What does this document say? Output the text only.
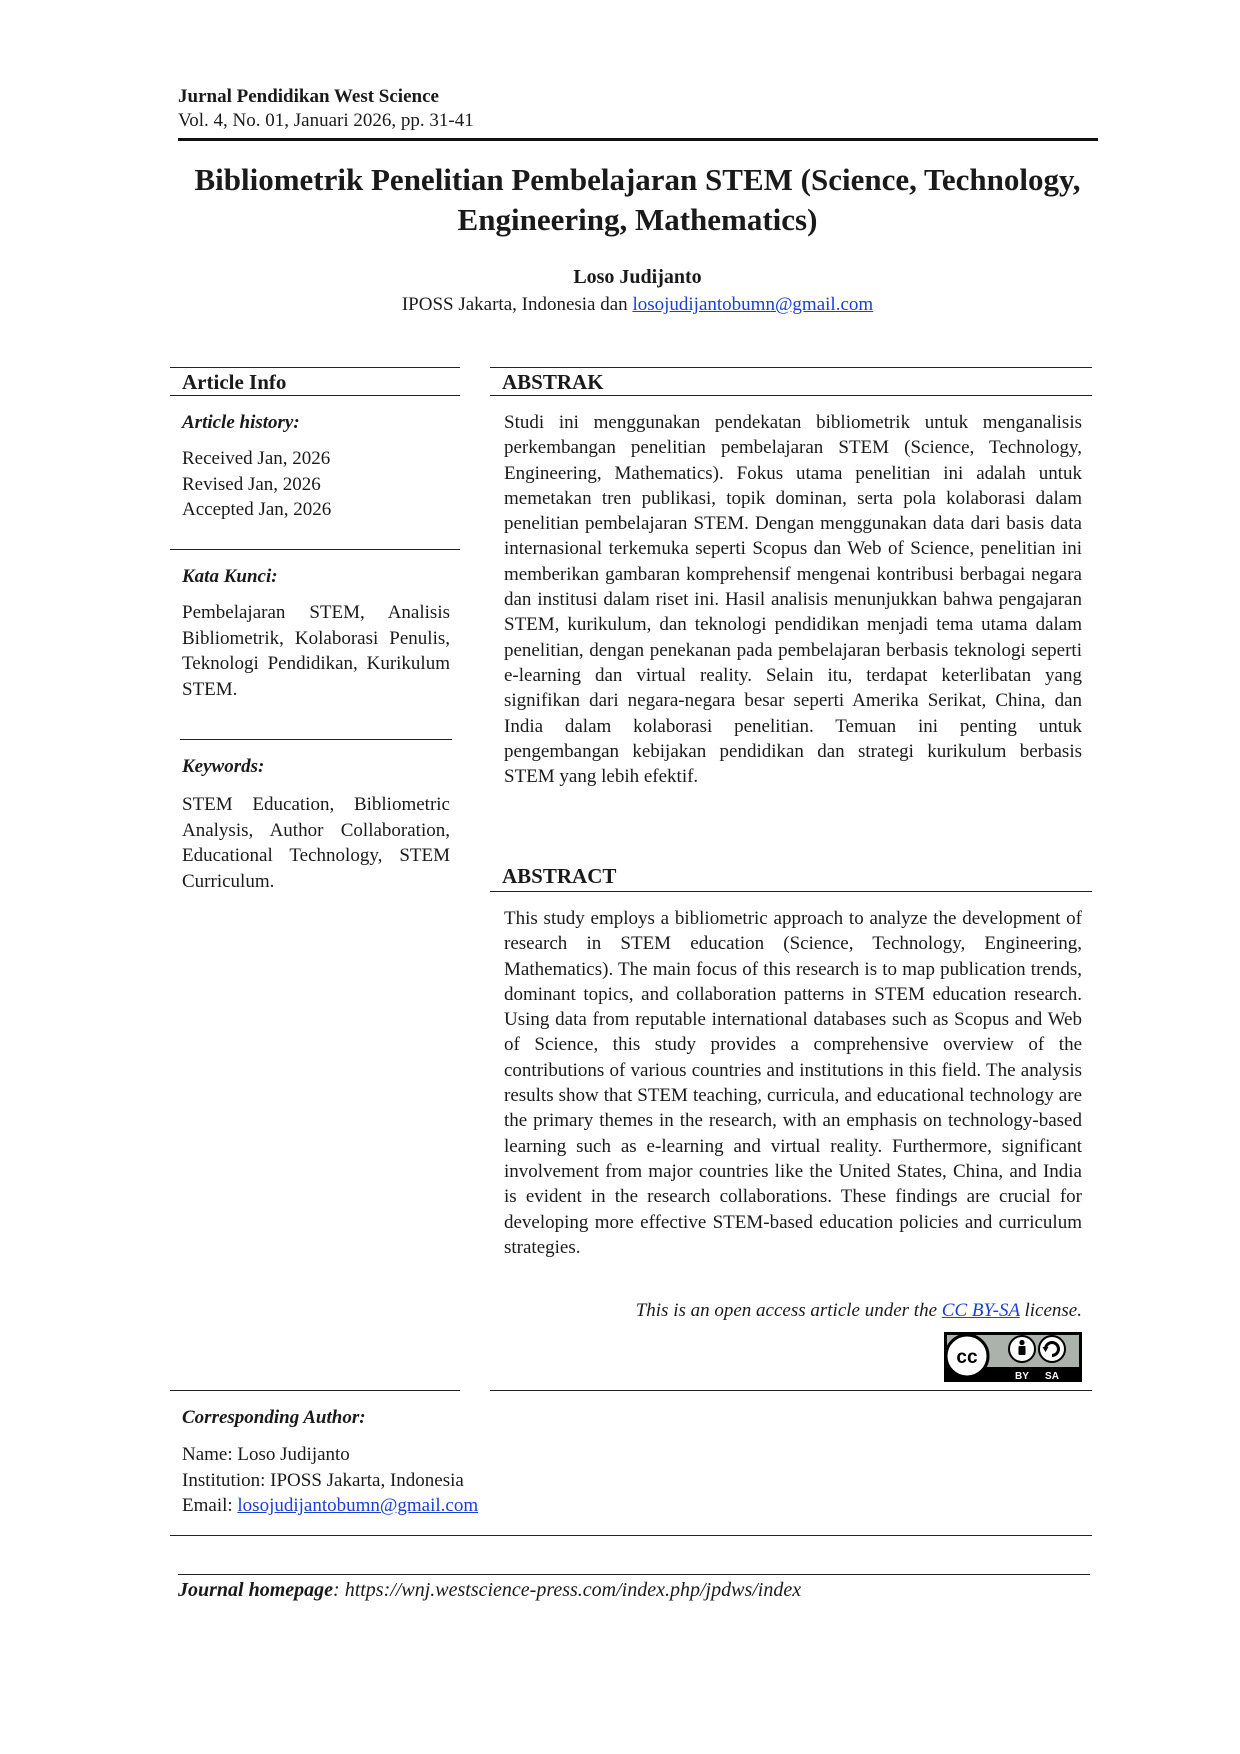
Jurnal Pendidikan West Science
Vol. 4, No. 01, Januari 2026, pp. 31-41
Bibliometrik Penelitian Pembelajaran STEM (Science, Technology,
Engineering, Mathematics)
Loso Judijanto
IPOSS Jakarta, Indonesia dan losojudijantobumn@gmail.com
Article Info
Article history:
Received Jan, 2026
Revised Jan, 2026
Accepted Jan, 2026
Kata Kunci:
Pembelajaran STEM, Analisis Bibliometrik, Kolaborasi Penulis, Teknologi Pendidikan, Kurikulum STEM.
Keywords:
STEM Education, Bibliometric Analysis, Author Collaboration, Educational Technology, STEM Curriculum.
ABSTRAK
Studi ini menggunakan pendekatan bibliometrik untuk menganalisis perkembangan penelitian pembelajaran STEM (Science, Technology, Engineering, Mathematics). Fokus utama penelitian ini adalah untuk memetakan tren publikasi, topik dominan, serta pola kolaborasi dalam penelitian pembelajaran STEM. Dengan menggunakan data dari basis data internasional terkemuka seperti Scopus dan Web of Science, penelitian ini memberikan gambaran komprehensif mengenai kontribusi berbagai negara dan institusi dalam riset ini. Hasil analisis menunjukkan bahwa pengajaran STEM, kurikulum, dan teknologi pendidikan menjadi tema utama dalam penelitian, dengan penekanan pada pembelajaran berbasis teknologi seperti e-learning dan virtual reality. Selain itu, terdapat keterlibatan yang signifikan dari negara-negara besar seperti Amerika Serikat, China, dan India dalam kolaborasi penelitian. Temuan ini penting untuk pengembangan kebijakan pendidikan dan strategi kurikulum berbasis STEM yang lebih efektif.
ABSTRACT
This study employs a bibliometric approach to analyze the development of research in STEM education (Science, Technology, Engineering, Mathematics). The main focus of this research is to map publication trends, dominant topics, and collaboration patterns in STEM education research. Using data from reputable international databases such as Scopus and Web of Science, this study provides a comprehensive overview of the contributions of various countries and institutions in this field. The analysis results show that STEM teaching, curricula, and educational technology are the primary themes in the research, with an emphasis on technology-based learning such as e-learning and virtual reality. Furthermore, significant involvement from major countries like the United States, China, and India is evident in the research collaborations. These findings are crucial for developing more effective STEM-based education policies and curriculum strategies.
This is an open access article under the CC BY-SA license.
cc
BY SA
Corresponding Author:
Name: Loso Judijanto
Institution: IPOSS Jakarta, Indonesia
Email: losojudijantobumn@gmail.com
Journal homepage: https://wnj.westscience-press.com/index.php/jpdws/index
